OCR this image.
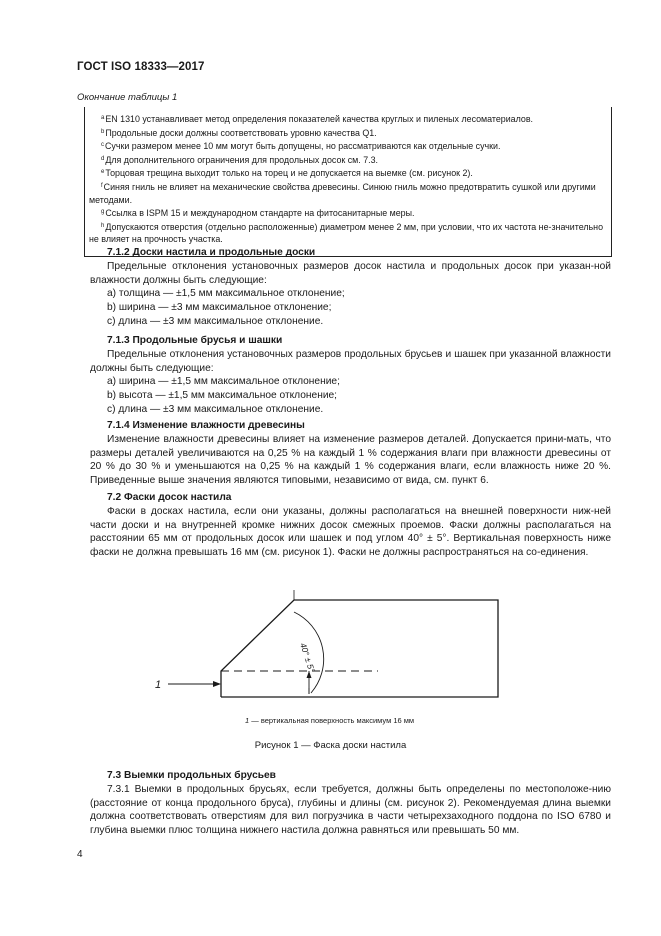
ГОСТ ISO 18333—2017
Окончание таблицы 1
$^a$EN 1310 устанавливает метод определения показателей качества круглых и пиленых лесоматериалов.
$^b$Продольные доски должны соответствовать уровню качества Q1.
$^c$Сучки размером менее 10 мм могут быть допущены, но рассматриваются как отдельные сучки.
$^d$Для дополнительного ограничения для продольных досок см. 7.3.
$^e$Торцовая трещина выходит только на торец и не допускается на выемке (см. рисунок 2).
$^f$Синяя гниль не влияет на механические свойства древесины. Синюю гниль можно предотвратить сушкой или другими методами.
$^g$Ссылка в ISPM 15 и международном стандарте на фитосанитарные меры.
$^h$Допускаются отверстия (отдельно расположенные) диаметром менее 2 мм, при условии, что их частота не-значительно не влияет на прочность участка.
7.1.2 Доски настила и продольные доски
Предельные отклонения установочных размеров досок настила и продольных досок при указан-ной влажности должны быть следующие:
a) толщина — ±1,5 мм максимальное отклонение;
b) ширина — ±3 мм максимальное отклонение;
c) длина — ±3 мм максимальное отклонение.
7.1.3 Продольные брусья и шашки
Предельные отклонения установочных размеров продольных брусьев и шашек при указанной влажности должны быть следующие:
a) ширина — ±1,5 мм максимальное отклонение;
b) высота — ±1,5 мм максимальное отклонение;
c) длина — ±3 мм максимальное отклонение.
7.1.4 Изменение влажности древесины
Изменение влажности древесины влияет на изменение размеров деталей. Допускается прини-мать, что размеры деталей увеличиваются на 0,25 % на каждый 1 % содержания влаги при влажности древесины от 20 % до 30 % и уменьшаются на 0,25 % на каждый 1 % содержания влаги, если влажность ниже 20 %. Приведенные выше значения являются типовыми, независимо от вида, см. пункт 6.
7.2 Фаски досок настила
Фаски в досках настила, если они указаны, должны располагаться на внешней поверхности ниж-ней части доски и на внутренней кромке нижних досок смежных проемов. Фаски должны располагаться на расстоянии 65 мм от продольных досок или шашек и под углом 40° ± 5°. Вертикальная поверхность ниже фаски не должна превышать 16 мм (см. рисунок 1). Фаски не должны распространяться на со-единения.
40° ± 5°
1
1 — вертикальная поверхность максимум 16 мм
Рисунок 1 — Фаска доски настила
7.3 Выемки продольных брусьев
7.3.1 Выемки в продольных брусьях, если требуется, должны быть определены по местоположе-нию (расстояние от конца продольного бруса), глубины и длины (см. рисунок 2). Рекомендуемая длина выемки должна соответствовать отверстиям для вил погрузчика в части четырехзаходного поддона по ISO 6780 и глубина выемки плюс толщина нижнего настила должна равняться или превышать 50 мм.
4
